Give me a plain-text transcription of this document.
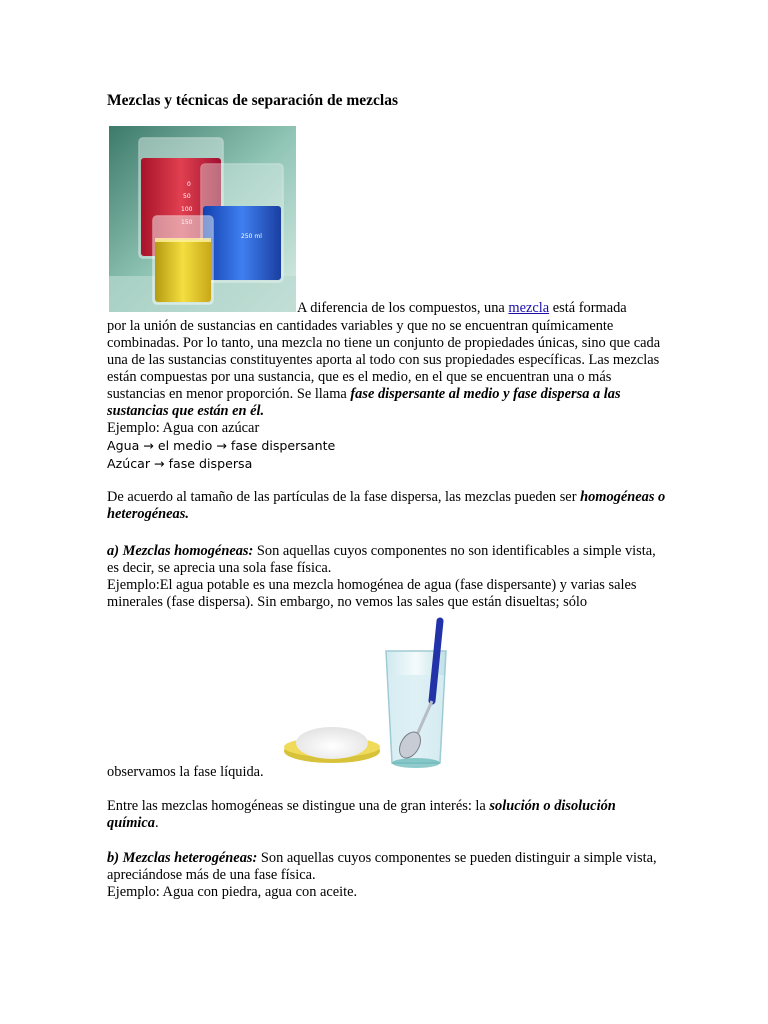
Mezclas y técnicas de separación de mezclas
0
50
100
250 ml
A diferencia de los compuestos, una mezcla está formada

por la unión de sustancias en cantidades variables y que no se encuentran químicamente combinadas. Por lo tanto, una mezcla no tiene un conjunto de propiedades únicas, sino que cada una de las sustancias constituyentes aporta al todo con sus propiedades específicas. Las mezclas están compuestas por una sustancia, que es el medio, en el que se encuentran una o más sustancias en menor proporción. Se llama fase dispersante al medio y fase dispersa a las sustancias que están en él.
Ejemplo: Agua con azúcar
Agua → el medio → fase dispersante
Azúcar → fase dispersa

De acuerdo al tamaño de las partículas de la fase dispersa, las mezclas pueden ser homogéneas o heterogéneas.

a) Mezclas homogéneas: Son aquellas cuyos componentes no son identificables a simple vista, es decir, se aprecia una sola fase física.
Ejemplo:El agua potable es una mezcla homogénea de agua (fase dispersante) y varias sales minerales (fase dispersa). Sin embargo, no vemos las sales que están disueltas; sólo

observamos la fase líquida.

Entre las mezclas homogéneas se distingue una de gran interés: la solución o disolución química.

b) Mezclas heterogéneas: Son aquellas cuyos componentes se pueden distinguir a simple vista, apreciándose más de una fase física.
Ejemplo: Agua con piedra, agua con aceite.
